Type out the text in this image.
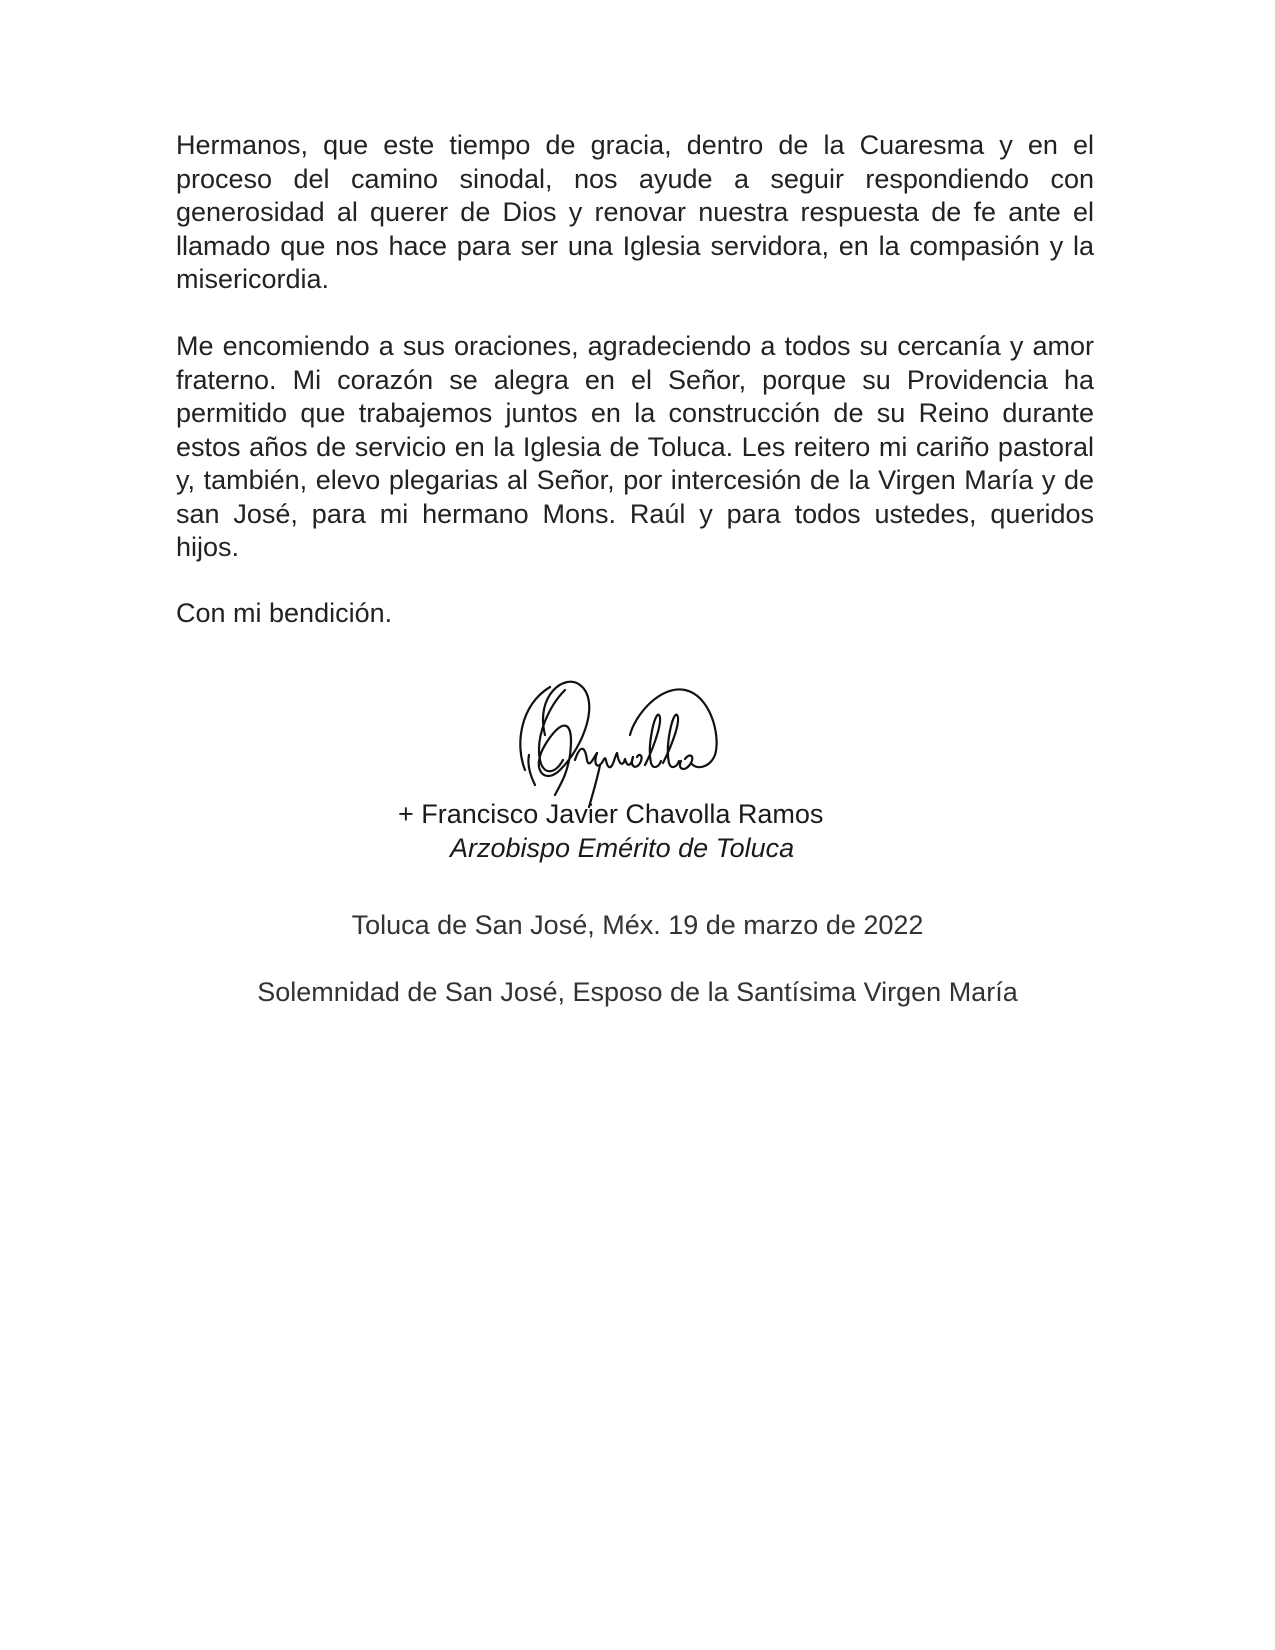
Hermanos, que este tiempo de gracia, dentro de la Cuaresma y en el proceso del camino sinodal, nos ayude a seguir respondiendo con generosidad al querer de Dios y renovar nuestra respuesta de fe ante el llamado que nos hace para ser una Iglesia servidora, en la compasión y la misericordia.

Me encomiendo a sus oraciones, agradeciendo a todos su cercanía y amor fraterno. Mi corazón se alegra en el Señor, porque su Providencia ha permitido que trabajemos juntos en la construcción de su Reino durante estos años de servicio en la Iglesia de Toluca. Les reitero mi cariño pastoral y, también, elevo plegarias al Señor, por intercesión de la Virgen María y de san José, para mi hermano Mons. Raúl y para todos ustedes, queridos hijos.

Con mi bendición.

+ Francisco Javier Chavolla Ramos

Arzobispo Emérito de Toluca

Toluca de San José, Méx. 19 de marzo de 2022

Solemnidad de San José, Esposo de la Santísima Virgen María
